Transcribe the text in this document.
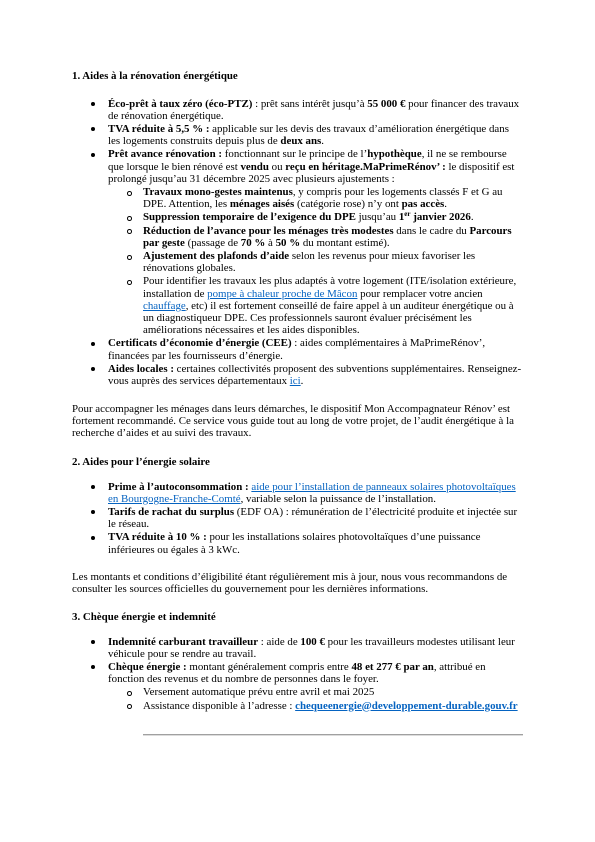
1. Aides à la rénovation énergétique
Éco-prêt à taux zéro (éco-PTZ) : prêt sans intérêt jusqu’à 55 000 € pour financer des travaux de rénovation énergétique.
TVA réduite à 5,5 % : applicable sur les devis des travaux d’amélioration énergétique dans les logements construits depuis plus de deux ans.
Prêt avance rénovation : fonctionnant sur le principe de l’hypothèque, il ne se rembourse que lorsque le bien rénové est vendu ou reçu en héritage.MaPrimeRénov’ : le dispositif est prolongé jusqu’au 31 décembre 2025 avec plusieurs ajustements :
Travaux mono-gestes maintenus, y compris pour les logements classés F et G au DPE. Attention, les ménages aisés (catégorie rose) n’y ont pas accès.
Suppression temporaire de l’exigence du DPE jusqu’au 1er janvier 2026.
Réduction de l’avance pour les ménages très modestes dans le cadre du Parcours par geste (passage de 70 % à 50 % du montant estimé).
Ajustement des plafonds d’aide selon les revenus pour mieux favoriser les rénovations globales.
Pour identifier les travaux les plus adaptés à votre logement (ITE/isolation extérieure, installation de pompe à chaleur proche de Mâcon pour remplacer votre ancien chauffage, etc) il est fortement conseillé de faire appel à un auditeur énergétique ou à un diagnostiqueur DPE. Ces professionnels sauront évaluer précisément les améliorations nécessaires et les aides disponibles.
Certificats d’économie d’énergie (CEE) : aides complémentaires à MaPrimeRénov’, financées par les fournisseurs d’énergie.
Aides locales : certaines collectivités proposent des subventions supplémentaires. Renseignez-vous auprès des services départementaux ici.

Pour accompagner les ménages dans leurs démarches, le dispositif Mon Accompagnateur Rénov’ est fortement recommandé. Ce service vous guide tout au long de votre projet, de l’audit énergétique à la recherche d’aides et au suivi des travaux.

2. Aides pour l’énergie solaire
Prime à l’autoconsommation : aide pour l’installation de panneaux solaires photovoltaïques en Bourgogne-Franche-Comté, variable selon la puissance de l’installation.
Tarifs de rachat du surplus (EDF OA) : rémunération de l’électricité produite et injectée sur le réseau.
TVA réduite à 10 % : pour les installations solaires photovoltaïques d’une puissance inférieures ou égales à 3 kWc.

Les montants et conditions d’éligibilité étant régulièrement mis à jour, nous vous recommandons de consulter les sources officielles du gouvernement pour les dernières informations.

3. Chèque énergie et indemnité
Indemnité carburant travailleur : aide de 100 € pour les travailleurs modestes utilisant leur véhicule pour se rendre au travail.
Chèque énergie : montant généralement compris entre 48 et 277 € par an, attribué en fonction des revenus et du nombre de personnes dans le foyer.
Versement automatique prévu entre avril et mai 2025
Assistance disponible à l’adresse : chequeenergie@developpement-durable.gouv.fr
